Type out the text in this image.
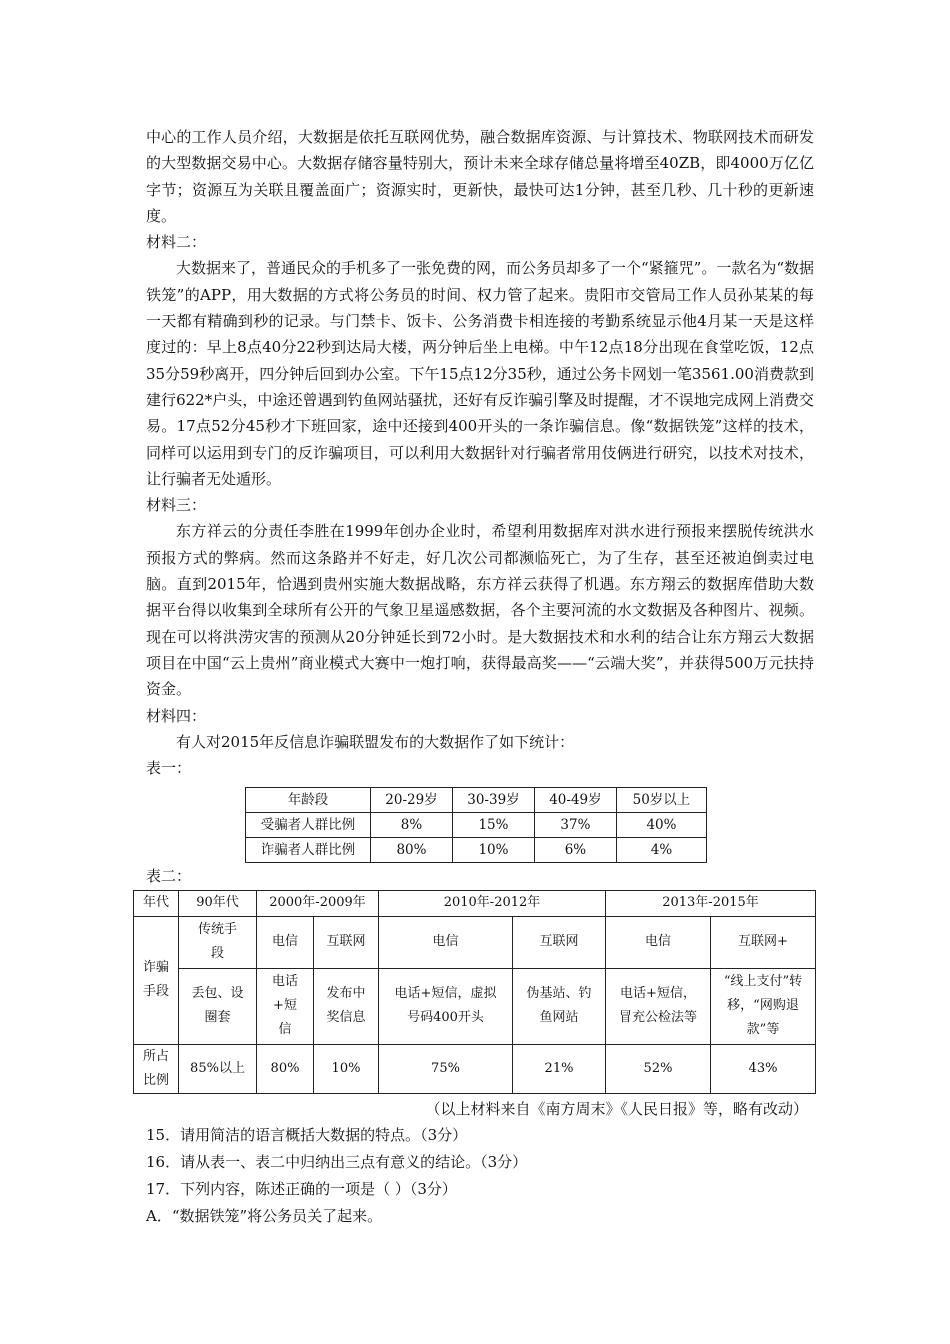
中心的工作人员介绍，大数据是依托互联网优势，融合数据库资源、与计算技术、物联网技术而研发的大型数据交易中心。大数据存储容量特别大，预计未来全球存储总量将增至40ZB，即4000万亿亿字节；资源互为关联且覆盖面广；资源实时，更新快，最快可达1分钟，甚至几秒、几十秒的更新速度。

材料二：

大数据来了，普通民众的手机多了一张免费的网，而公务员却多了一个“紧箍咒”。一款名为“数据铁笼”的APP，用大数据的方式将公务员的时间、权力管了起来。贵阳市交管局工作人员孙某某的每一天都有精确到秒的记录。与门禁卡、饭卡、公务消费卡相连接的考勤系统显示他4月某一天是这样度过的：早上8点40分22秒到达局大楼，两分钟后坐上电梯。中午12点18分出现在食堂吃饭，12点35分59秒离开，四分钟后回到办公室。下午15点12分35秒，通过公务卡网划一笔3561.00消费款到建行622*户头，中途还曾遇到钓鱼网站骚扰，还好有反诈骗引擎及时提醒，才不误地完成网上消费交易。17点52分45秒才下班回家，途中还接到400开头的一条诈骗信息。像“数据铁笼”这样的技术，同样可以运用到专门的反诈骗项目，可以利用大数据针对行骗者常用伎俩进行研究，以技术对技术，让行骗者无处遁形。

材料三：

东方祥云的分责任李胜在1999年创办企业时，希望利用数据库对洪水进行预报来摆脱传统洪水预报方式的弊病。然而这条路并不好走，好几次公司都濒临死亡，为了生存，甚至还被迫倒卖过电脑。直到2015年，恰遇到贵州实施大数据战略，东方祥云获得了机遇。东方翔云的数据库借助大数据平台得以收集到全球所有公开的气象卫星遥感数据，各个主要河流的水文数据及各种图片、视频。现在可以将洪涝灾害的预测从20分钟延长到72小时。是大数据技术和水利的结合让东方翔云大数据项目在中国“云上贵州”商业模式大赛中一炮打响，获得最高奖——“云端大奖”，并获得500万元扶持资金。

材料四：

有人对2015年反信息诈骗联盟发布的大数据作了如下统计：

表一：

年龄段	20-29岁	30-39岁	40-49岁	50岁以上
受骗者人群比例	8%	15%	37%	40%
诈骗者人群比例	80%	10%	6%	4%

表二：

年代	90年代	2000年-2009年		2010年-2012年		2013年-2015年	

诈骗手段	传统手段	电信	互联网	电信	互联网	电信	互联网+

	丢包、设圈套	电话+短信	发布中奖信息	电话+短信，虚拟号码400开头	伪基站、钓鱼网站	电话+短信，冒充公检法等	“线上支付”转移，“网购退款”等

所占比例	85%以上	80%	10%	75%	21%	52%	43%

（以上材料来自《南方周末》《人民日报》等，略有改动）

15．请用简洁的语言概括大数据的特点。（3分）

16．请从表一、表二中归纳出三点有意义的结论。（3分）

17．下列内容，陈述正确的一项是（ ）（3分）

A．“数据铁笼”将公务员关了起来。
